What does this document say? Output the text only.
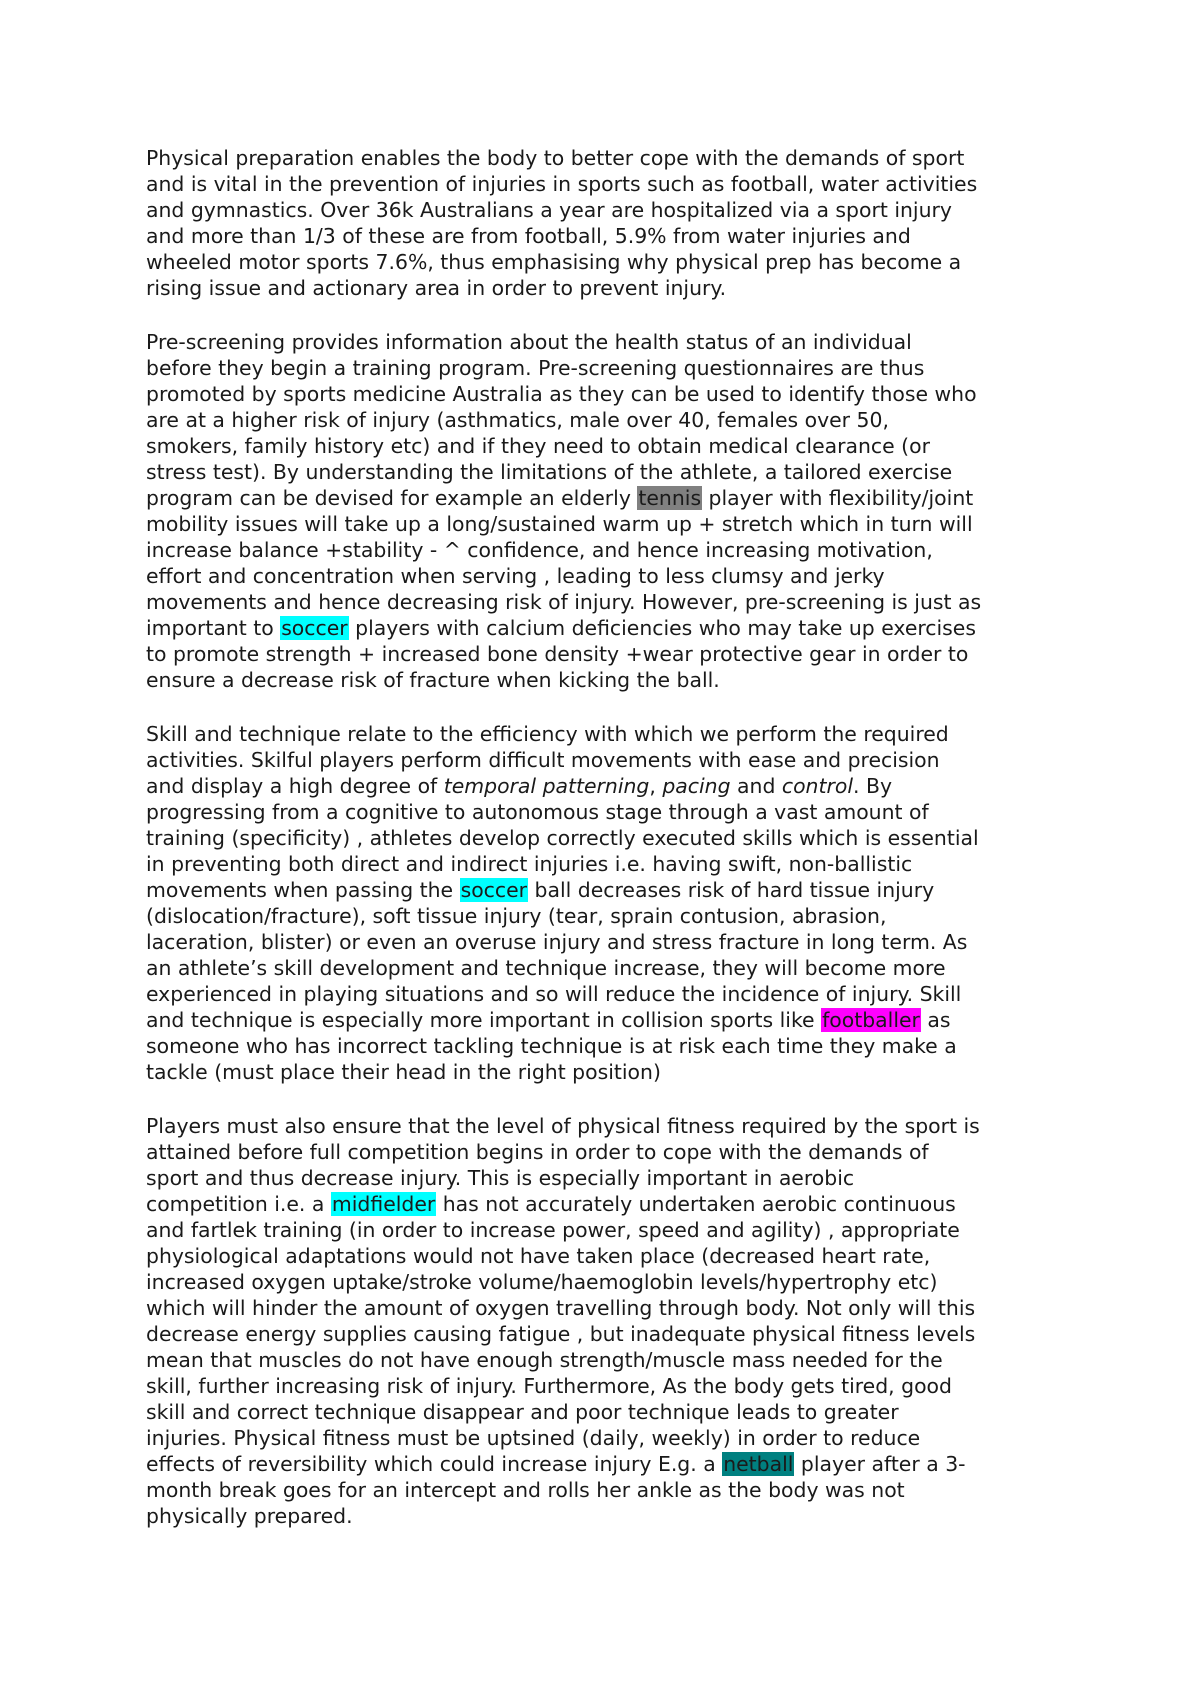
Physical preparation enables the body to better cope with the demands of sport
and is vital in the prevention of injuries in sports such as football, water activities
and gymnastics. Over 36k Australians a year are hospitalized via a sport injury
and more than 1/3 of these are from football, 5.9% from water injuries and
wheeled motor sports 7.6%, thus emphasising why physical prep has become a
rising issue and actionary area in order to prevent injury.
Pre-screening provides information about the health status of an individual
before they begin a training program. Pre-screening questionnaires are thus
promoted by sports medicine Australia as they can be used to identify those who
are at a higher risk of injury (asthmatics, male over 40, females over 50,
smokers, family history etc) and if they need to obtain medical clearance (or
stress test). By understanding the limitations of the athlete, a tailored exercise
program can be devised for example an elderly tennis player with flexibility/joint
mobility issues will take up a long/sustained warm up + stretch which in turn will
increase balance +stability - ^ confidence, and hence increasing motivation,
effort and concentration when serving , leading to less clumsy and jerky
movements and hence decreasing risk of injury. However, pre-screening is just as
important to soccer players with calcium deficiencies who may take up exercises
to promote strength + increased bone density +wear protective gear in order to
ensure a decrease risk of fracture when kicking the ball.
Skill and technique relate to the efficiency with which we perform the required
activities. Skilful players perform difficult movements with ease and precision
and display a high degree of temporal patterning, pacing and control. By
progressing from a cognitive to autonomous stage through a vast amount of
training (specificity) , athletes develop correctly executed skills which is essential
in preventing both direct and indirect injuries i.e. having swift, non-ballistic
movements when passing the soccer ball decreases risk of hard tissue injury
(dislocation/fracture), soft tissue injury (tear, sprain contusion, abrasion,
laceration, blister) or even an overuse injury and stress fracture in long term. As
an athlete’s skill development and technique increase, they will become more
experienced in playing situations and so will reduce the incidence of injury. Skill
and technique is especially more important in collision sports like footballer as
someone who has incorrect tackling technique is at risk each time they make a
tackle (must place their head in the right position)
Players must also ensure that the level of physical fitness required by the sport is
attained before full competition begins in order to cope with the demands of
sport and thus decrease injury. This is especially important in aerobic
competition i.e. a midfielder has not accurately undertaken aerobic continuous
and fartlek training (in order to increase power, speed and agility) , appropriate
physiological adaptations would not have taken place (decreased heart rate,
increased oxygen uptake/stroke volume/haemoglobin levels/hypertrophy etc)
which will hinder the amount of oxygen travelling through body. Not only will this
decrease energy supplies causing fatigue , but inadequate physical fitness levels
mean that muscles do not have enough strength/muscle mass needed for the
skill, further increasing risk of injury. Furthermore, As the body gets tired, good
skill and correct technique disappear and poor technique leads to greater
injuries. Physical fitness must be uptsined (daily, weekly) in order to reduce
effects of reversibility which could increase injury E.g. a netball player after a 3-
month break goes for an intercept and rolls her ankle as the body was not
physically prepared.
